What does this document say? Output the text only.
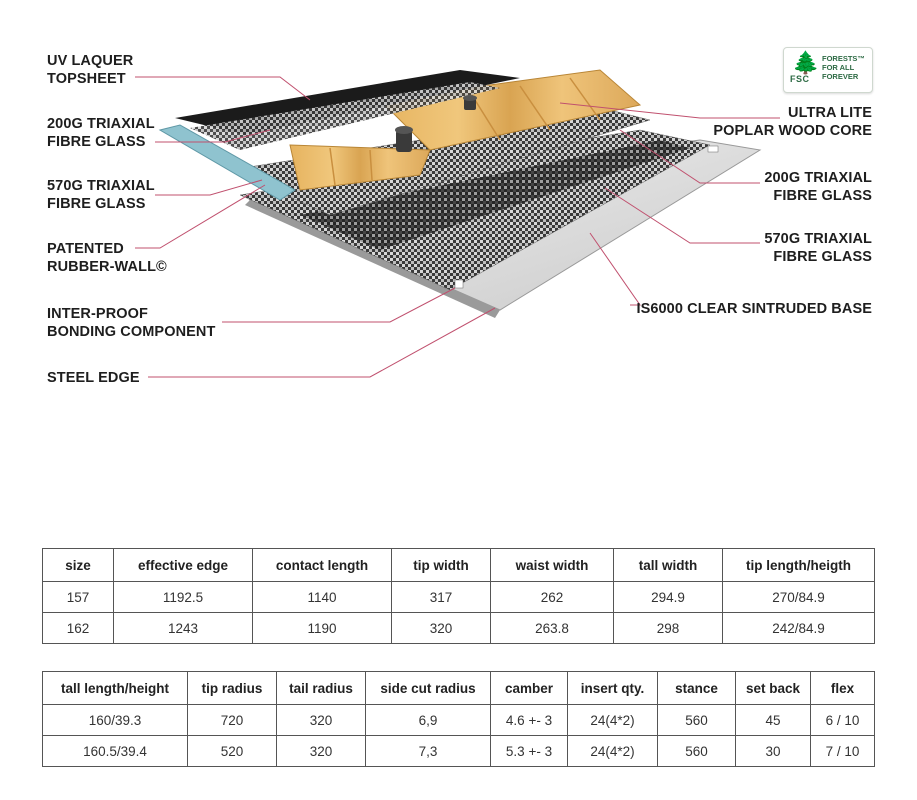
UV LAQUER
TOPSHEET
200G TRIAXIAL
FIBRE GLASS
570G TRIAXIAL
FIBRE GLASS
PATENTED
RUBBER-WALL©
INTER-PROOF
BONDING COMPONENT
STEEL EDGE
ULTRA LITE
POPLAR WOOD CORE
200G TRIAXIAL
FIBRE GLASS
570G TRIAXIAL
FIBRE GLASS
IS6000 CLEAR SINTRUDED BASE
🌲
FSC
FORESTS™
FOR ALL
FOREVER
size	effective edge	contact length	tip width	waist width	tall width	tip length/heigth
157	1192.5	1140	317	262	294.9	270/84.9
162	1243	1190	320	263.8	298	242/84.9
tall length/height	tip radius	tail radius	side cut radius	camber	insert qty.	stance	set back	flex
160/39.3	720	320	6,9	4.6 +- 3	24(4*2)	560	45	6 / 10
160.5/39.4	520	320	7,3	5.3 +- 3	24(4*2)	560	30	7 / 10
